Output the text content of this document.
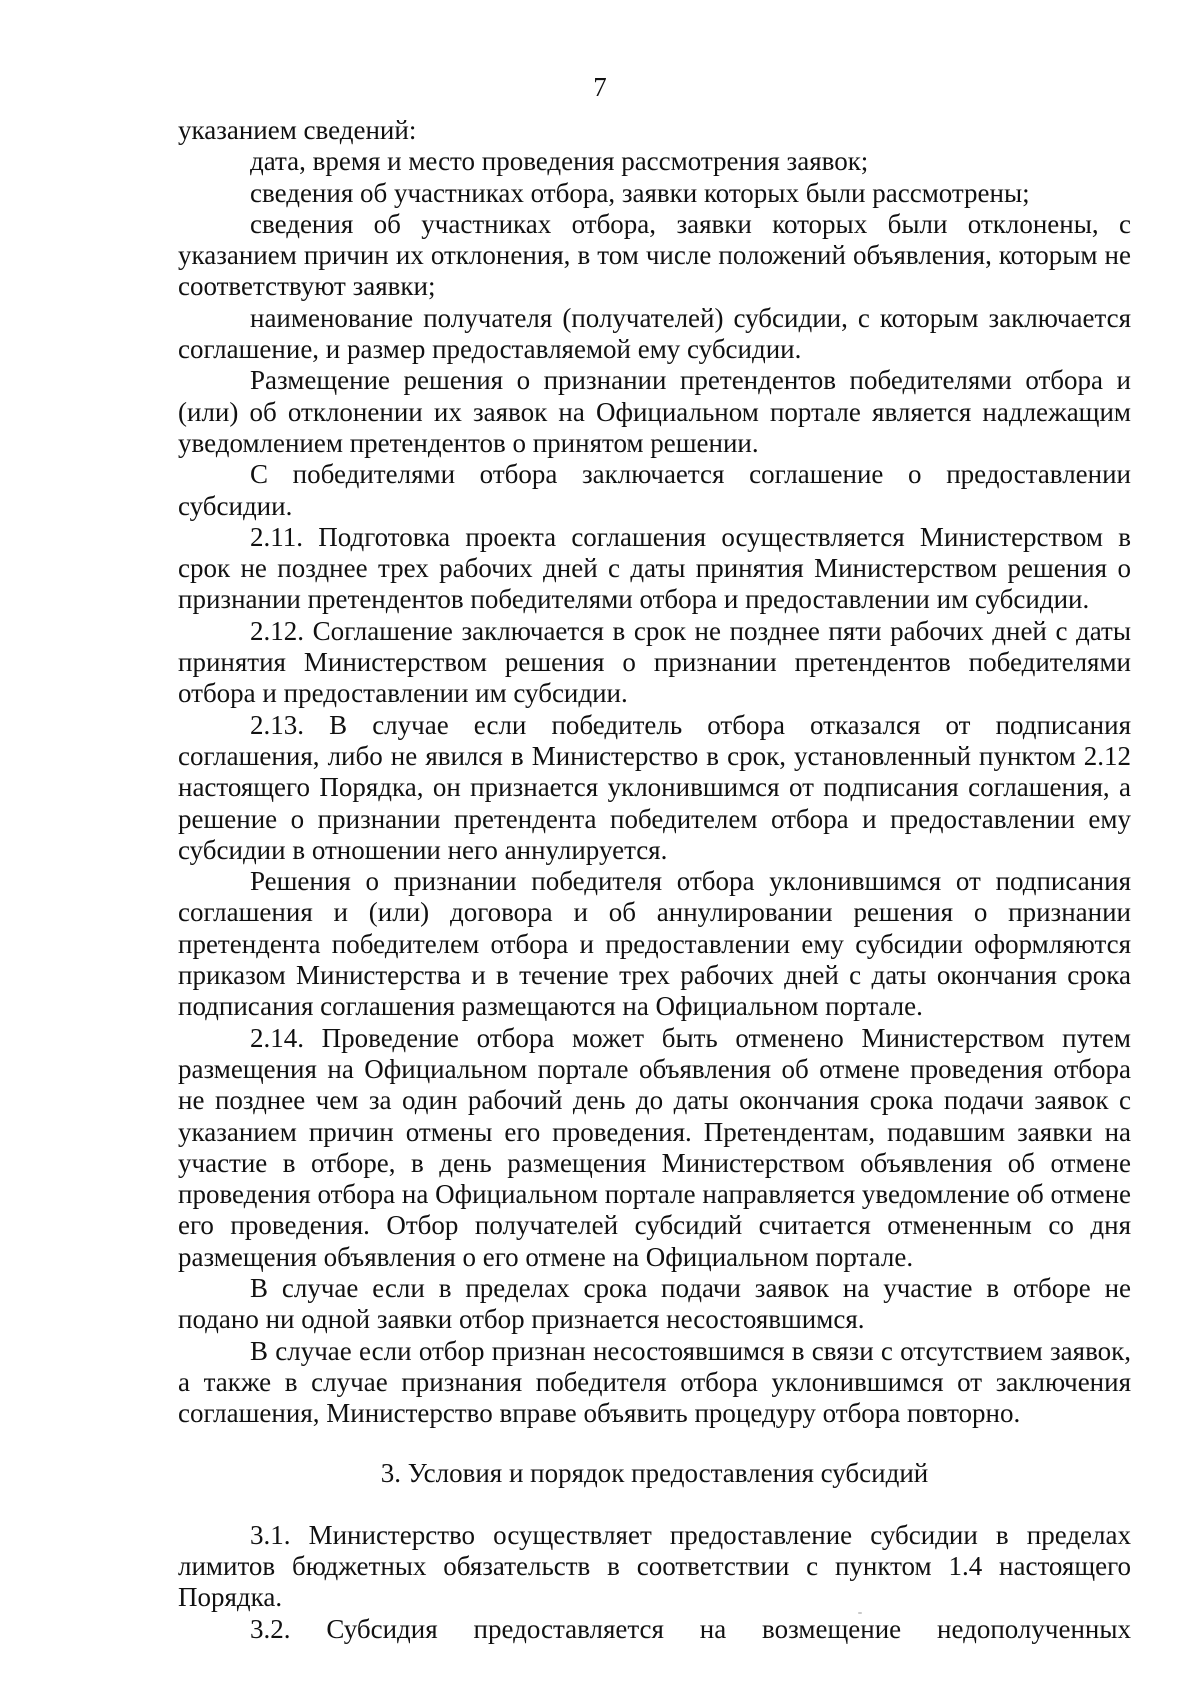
7

указанием сведений:

дата, время и место проведения рассмотрения заявок;

сведения об участниках отбора, заявки которых были рассмотрены;

сведения об участниках отбора, заявки которых были отклонены, с указанием причин их отклонения, в том числе положений объявления, которым не соответствуют заявки;

наименование получателя (получателей) субсидии, с которым заключается соглашение, и размер предоставляемой ему субсидии.

Размещение решения о признании претендентов победителями отбора и (или) об отклонении их заявок на Официальном портале является надлежащим уведомлением претендентов о принятом решении.

С победителями отбора заключается соглашение о предоставлении субсидии.

2.11. Подготовка проекта соглашения осуществляется Министерством в срок не позднее трех рабочих дней с даты принятия Министерством решения о признании претендентов победителями отбора и предоставлении им субсидии.

2.12. Соглашение заключается в срок не позднее пяти рабочих дней с даты принятия Министерством решения о признании претендентов победителями отбора и предоставлении им субсидии.

2.13. В случае если победитель отбора отказался от подписания соглашения, либо не явился в Министерство в срок, установленный пунктом 2.12 настоящего Порядка, он признается уклонившимся от подписания соглашения, а решение о признании претендента победителем отбора и предоставлении ему субсидии в отношении него аннулируется.

Решения о признании победителя отбора уклонившимся от подписания соглашения и (или) договора и об аннулировании решения о признании претендента победителем отбора и предоставлении ему субсидии оформляются приказом Министерства и в течение трех рабочих дней с даты окончания срока подписания соглашения размещаются на Официальном портале.

2.14. Проведение отбора может быть отменено Министерством путем размещения на Официальном портале объявления об отмене проведения отбора не позднее чем за один рабочий день до даты окончания срока подачи заявок с указанием причин отмены его проведения. Претендентам, подавшим заявки на участие в отборе, в день размещения Министерством объявления об отмене проведения отбора на Официальном портале направляется уведомление об отмене его проведения. Отбор получателей субсидий считается отмененным со дня размещения объявления о его отмене на Официальном портале.

В случае если в пределах срока подачи заявок на участие в отборе не подано ни одной заявки отбор признается несостоявшимся.

В случае если отбор признан несостоявшимся в связи с отсутствием заявок, а также в случае признания победителя отбора уклонившимся от заключения соглашения, Министерство вправе объявить процедуру отбора повторно.

3. Условия и порядок предоставления субсидий

3.1. Министерство осуществляет предоставление субсидии в пределах лимитов бюджетных обязательств в соответствии с пунктом 1.4 настоящего Порядка.

3.2. Субсидия предоставляется на возмещение недополученных
